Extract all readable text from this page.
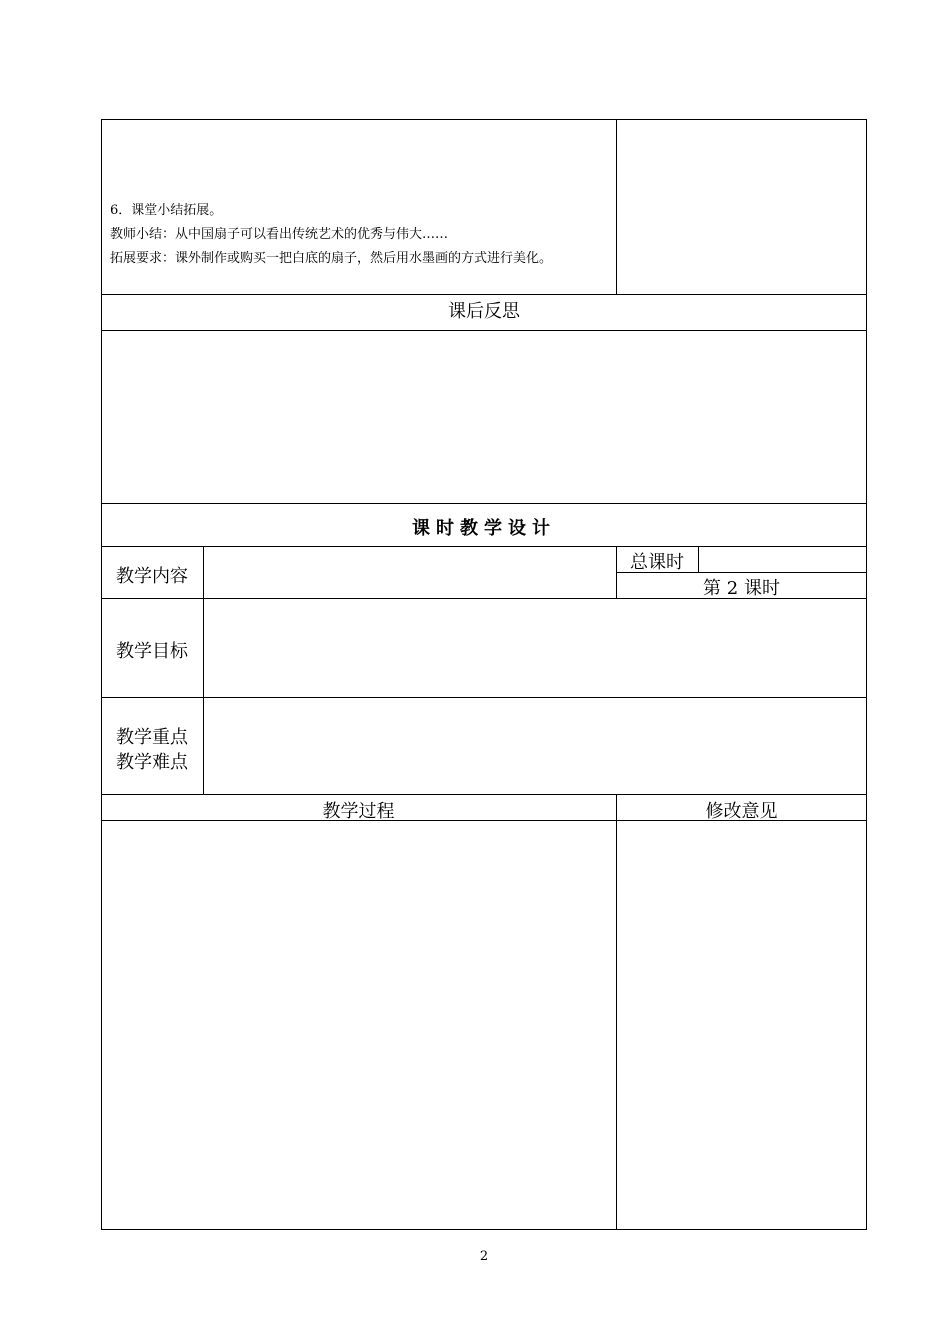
6．课堂小结拓展。
教师小结：从中国扇子可以看出传统艺术的优秀与伟大……
拓展要求：课外制作或购买一把白底的扇子，然后用水墨画的方式进行美化。
课后反思
课时教学设计
教学内容
总课时
第 2 课时
教学目标
教学重点
教学难点
教学过程	修改意见
2
